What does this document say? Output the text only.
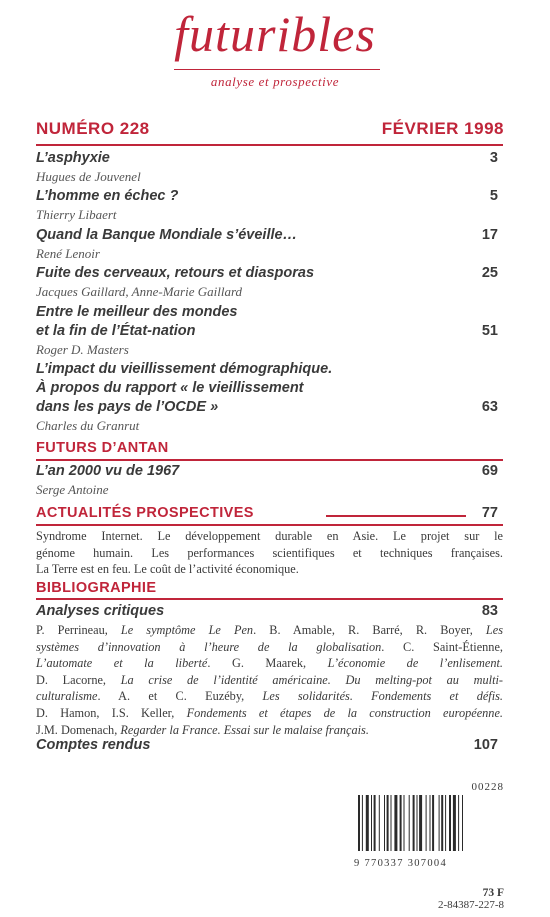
futuribles
analyse et prospective
NUMÉRO 228	FÉVRIER 1998
L’asphyxie	3
Hugues de Jouvenel
L’homme en échec ?	5
Thierry Libaert
Quand la Banque Mondiale s’éveille…	17
René Lenoir
Fuite des cerveaux, retours et diasporas	25
Jacques Gaillard, Anne-Marie Gaillard
Entre le meilleur des mondes
et la fin de l’État-nation	51
Roger D. Masters
L’impact du vieillissement démographique.
À propos du rapport « le vieillissement
dans les pays de l’OCDE »	63
Charles du Granrut
FUTURS D’ANTAN
L’an 2000 vu de 1967	69
Serge Antoine
ACTUALITÉS PROSPECTIVES	77
Syndrome Internet. Le développement durable en Asie. Le projet sur le
génome humain. Les performances scientifiques et techniques françaises.
La Terre est en feu. Le coût de l’activité économique.
BIBLIOGRAPHIE
Analyses critiques	83
P. Perrineau, Le symptôme Le Pen. B. Amable, R. Barré, R. Boyer, Les
systèmes d’innovation à l’heure de la globalisation. C. Saint-Étienne,
L’automate et la liberté. G. Maarek, L’économie de l’enlisement.
D. Lacorne, La crise de l’identité américaine. Du melting-pot au multi-
culturalisme. A. et C. Euzéby, Les solidarités. Fondements et défis.
D. Hamon, I.S. Keller, Fondements et étapes de la construction européenne.
J.M. Domenach, Regarder la France. Essai sur le malaise français.
Comptes rendus	107
00228
9 770337 307004
73 F
2-84387-227-8
